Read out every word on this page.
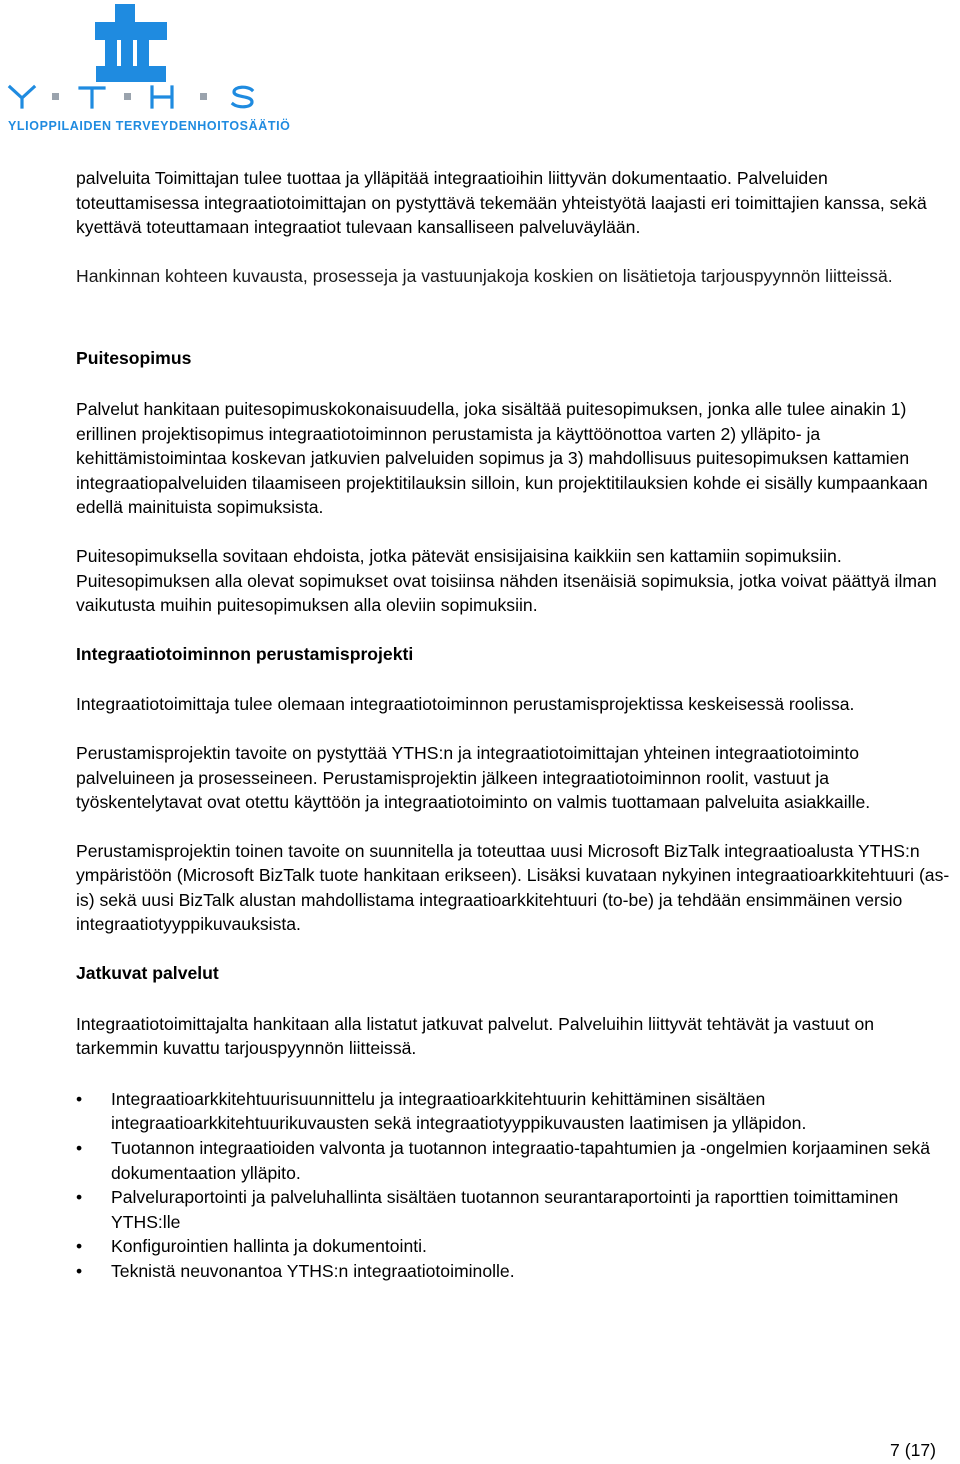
YLIOPPILAIDEN TERVEYDENHOITOSÄÄTIÖ

palveluita Toimittajan tulee tuottaa ja ylläpitää integraatioihin liittyvän dokumentaatio. Palveluiden toteuttamisessa integraatiotoimittajan on pystyttävä tekemään yhteistyötä laajasti eri toimittajien kanssa, sekä kyettävä toteuttamaan integraatiot tulevaan kansalliseen palveluväylään.

Hankinnan kohteen kuvausta, prosesseja ja vastuunjakoja koskien on lisätietoja tarjouspyynnön liitteissä.

Puitesopimus

Palvelut hankitaan puitesopimuskokonaisuudella, joka sisältää puitesopimuksen, jonka alle tulee ainakin 1) erillinen projektisopimus integraatiotoiminnon perustamista ja käyttöönottoa varten 2) ylläpito- ja kehittämistoimintaa koskevan jatkuvien palveluiden sopimus ja 3) mahdollisuus puitesopimuksen kattamien integraatiopalveluiden tilaamiseen projektitilauksin silloin, kun projektitilauksien kohde ei sisälly kumpaankaan edellä mainituista sopimuksista.

Puitesopimuksella sovitaan ehdoista, jotka pätevät ensisijaisina kaikkiin sen kattamiin sopimuksiin. Puitesopimuksen alla olevat sopimukset ovat toisiinsa nähden itsenäisiä sopimuksia, jotka voivat päättyä ilman vaikutusta muihin puitesopimuksen alla oleviin sopimuksiin.

Integraatiotoiminnon perustamisprojekti

Integraatiotoimittaja tulee olemaan integraatiotoiminnon perustamisprojektissa keskeisessä roolissa.

Perustamisprojektin tavoite on pystyttää YTHS:n ja integraatiotoimittajan yhteinen integraatiotoiminto palveluineen ja prosesseineen. Perustamisprojektin jälkeen integraatiotoiminnon roolit, vastuut ja työskentelytavat ovat otettu käyttöön ja integraatiotoiminto on valmis tuottamaan palveluita asiakkaille.

Perustamisprojektin toinen tavoite on suunnitella ja toteuttaa uusi Microsoft BizTalk integraatioalusta YTHS:n ympäristöön (Microsoft BizTalk tuote hankitaan erikseen). Lisäksi kuvataan nykyinen integraatioarkkitehtuuri (as-is) sekä uusi BizTalk alustan mahdollistama integraatioarkkitehtuuri (to-be) ja tehdään ensimmäinen versio integraatiotyyppikuvauksista.

Jatkuvat palvelut

Integraatiotoimittajalta hankitaan alla listatut jatkuvat palvelut. Palveluihin liittyvät tehtävät ja vastuut on tarkemmin kuvattu tarjouspyynnön liitteissä.

• Integraatioarkkitehtuurisuunnittelu ja integraatioarkkitehtuurin kehittäminen sisältäen integraatioarkkitehtuurikuvausten sekä integraatiotyyppikuvausten laatimisen ja ylläpidon.
• Tuotannon integraatioiden valvonta ja tuotannon integraatio-tapahtumien ja -ongelmien korjaaminen sekä dokumentaation ylläpito.
• Palveluraportointi ja palveluhallinta sisältäen tuotannon seurantaraportointi ja raporttien toimittaminen YTHS:lle
• Konfigurointien hallinta ja dokumentointi.
• Teknistä neuvonantoa YTHS:n integraatiotoiminolle.
7 (17)
